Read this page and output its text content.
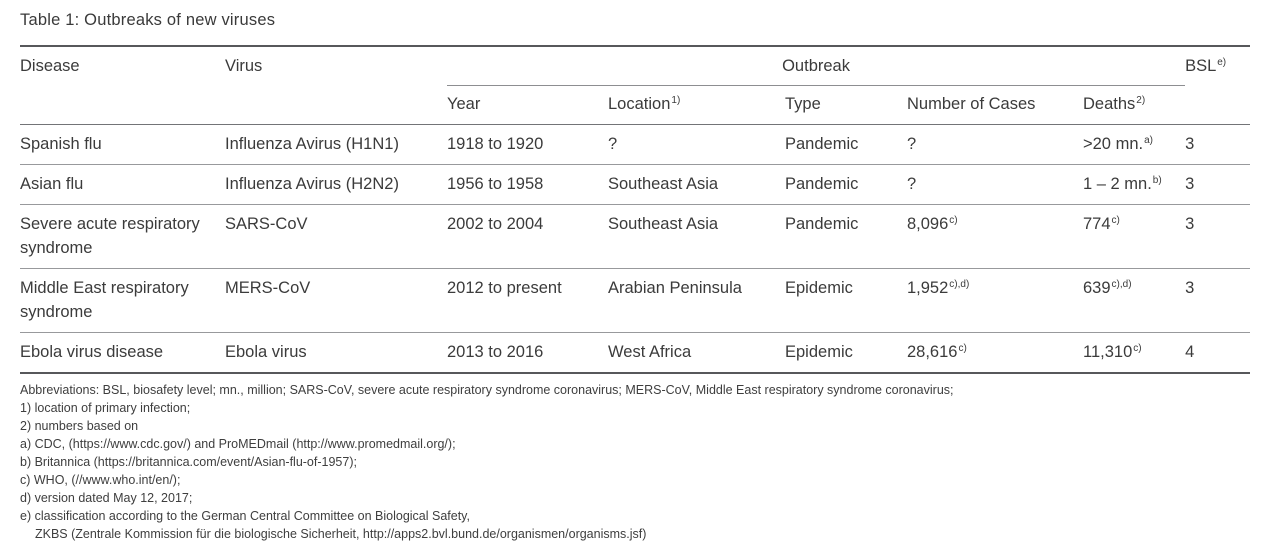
Table 1: Outbreaks of new viruses
Disease	Virus	Outbreak					BSL$^{e)}$
		Year	Location$^{1)}$	Type	Number of Cases	Deaths$^{2)}$
Spanish flu	Influenza Avirus (H1N1)	1918 to 1920	?	Pandemic	?	>20 mn.$^{a)}$	3
Asian flu	Influenza Avirus (H2N2)	1956 to 1958	Southeast Asia	Pandemic	?	1 – 2 mn.$^{b)}$	3
Severe acute respiratory syndrome	SARS-CoV	2002 to 2004	Southeast Asia	Pandemic	8,096$^{c)}$	774$^{c)}$	3
Middle East respiratory syndrome	MERS-CoV	2012 to present	Arabian Peninsula	Epidemic	$1,952^{c),d)}$	$639^{c),d)}$	3
Ebola virus disease	Ebola virus	2013 to 2016	West Africa	Epidemic	28,616$^{c)}$	11,310$^{c)}$	4
Abbreviations: BSL, biosafety level; mn., million; SARS-CoV, severe acute respiratory syndrome coronavirus; MERS-CoV, Middle East respiratory syndrome coronavirus;
1) location of primary infection;
2) numbers based on
a) CDC, (https://www.cdc.gov/) and ProMEDmail (http://www.promedmail.org/);
b) Britannica (https://britannica.com/event/Asian-flu-of-1957);
c) WHO, (//www.who.int/en/);
d) version dated May 12, 2017;
e) classification according to the German Central Committee on Biological Safety,
ZKBS (Zentrale Kommission für die biologische Sicherheit, http://apps2.bvl.bund.de/organismen/organisms.jsf)
